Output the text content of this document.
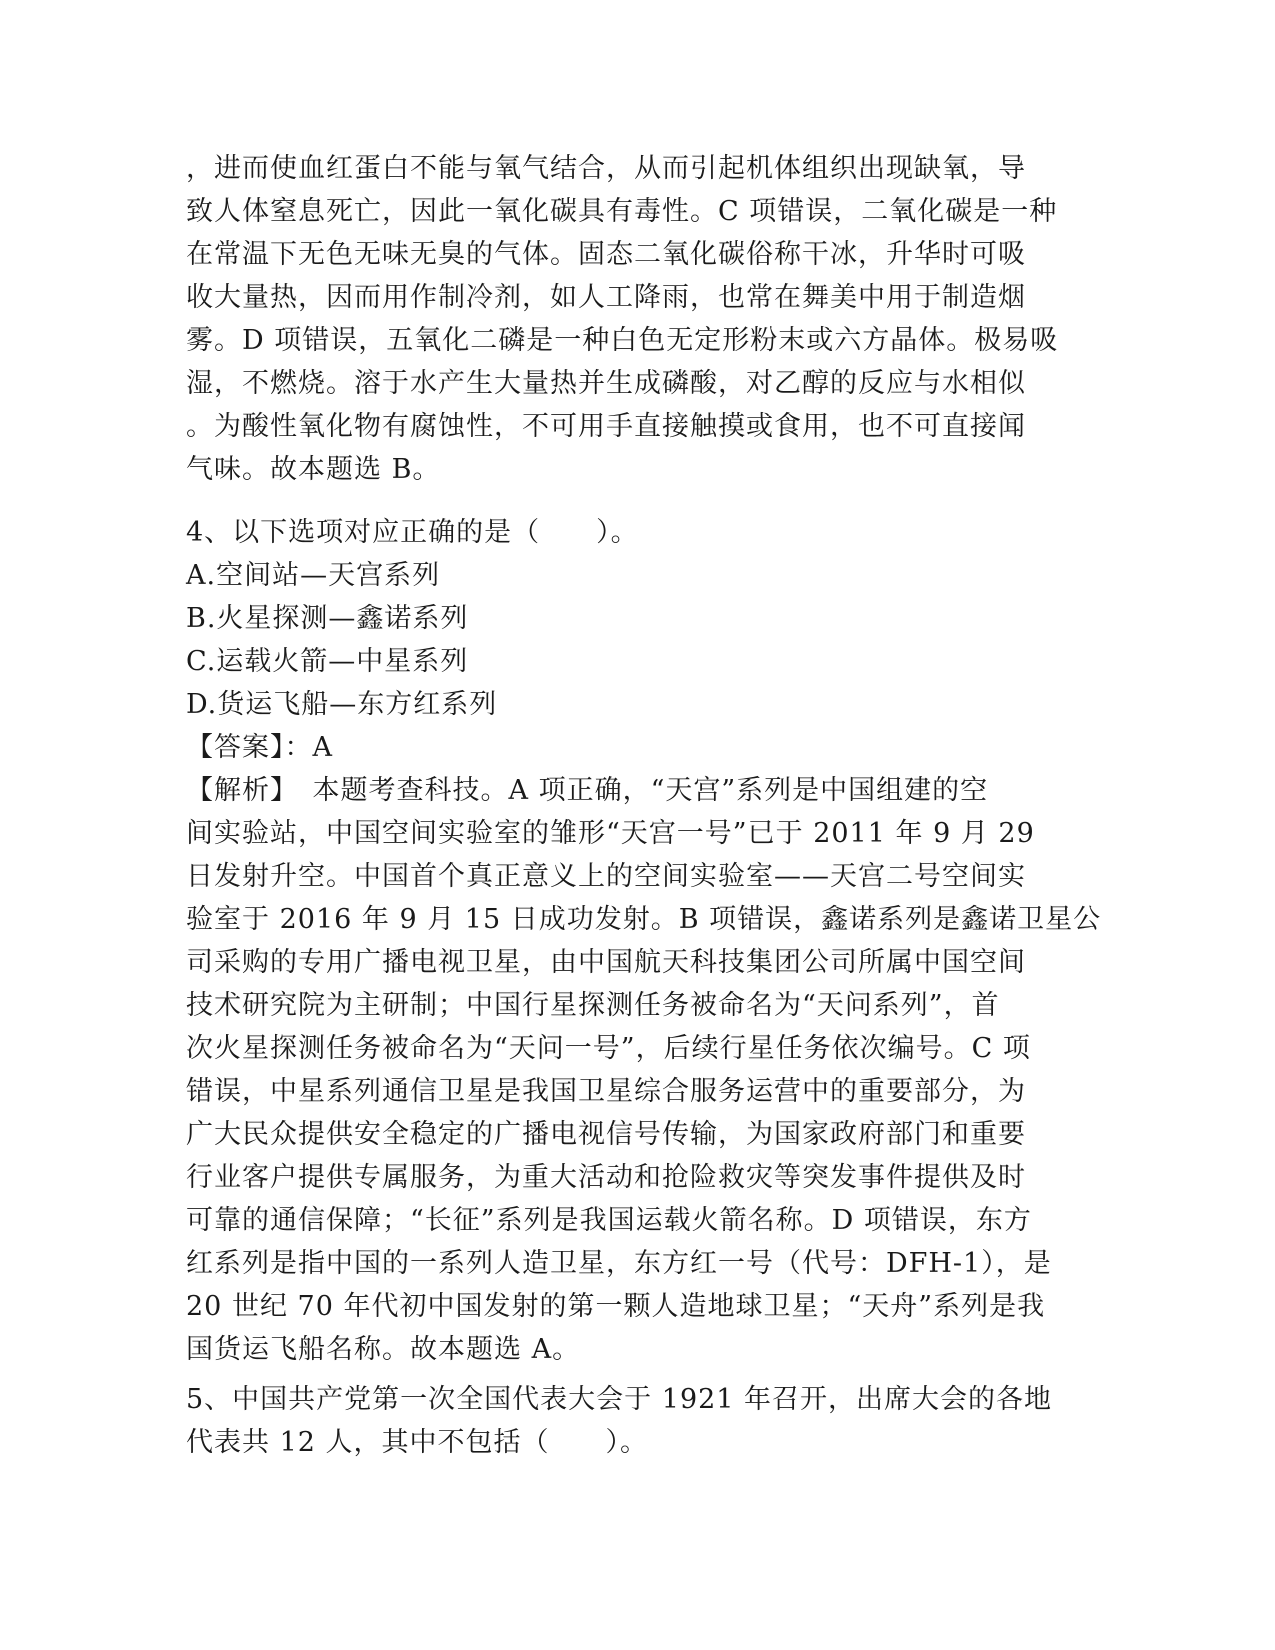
，进而使血红蛋白不能与氧气结合，从而引起机体组织出现缺氧，导
致人体窒息死亡，因此一氧化碳具有毒性。C 项错误，二氧化碳是一种
在常温下无色无味无臭的气体。固态二氧化碳俗称干冰，升华时可吸
收大量热，因而用作制冷剂，如人工降雨，也常在舞美中用于制造烟
雾。D 项错误，五氧化二磷是一种白色无定形粉末或六方晶体。极易吸
湿，不燃烧。溶于水产生大量热并生成磷酸，对乙醇的反应与水相似
。为酸性氧化物有腐蚀性，不可用手直接触摸或食用，也不可直接闻
气味。故本题选 B。
4、以下选项对应正确的是（　　）。
A.空间站—天宫系列
B.火星探测—鑫诺系列
C.运载火箭—中星系列
D.货运飞船—东方红系列
【答案】：A
【解析】　本题考查科技。A 项正确，“天宫”系列是中国组建的空
间实验站，中国空间实验室的雏形“天宫一号”已于 2011 年 9 月 29
日发射升空。中国首个真正意义上的空间实验室——天宫二号空间实
验室于 2016 年 9 月 15 日成功发射。B 项错误，鑫诺系列是鑫诺卫星公
司采购的专用广播电视卫星，由中国航天科技集团公司所属中国空间
技术研究院为主研制；中国行星探测任务被命名为“天问系列”，首
次火星探测任务被命名为“天问一号”，后续行星任务依次编号。C 项
错误，中星系列通信卫星是我国卫星综合服务运营中的重要部分，为
广大民众提供安全稳定的广播电视信号传输，为国家政府部门和重要
行业客户提供专属服务，为重大活动和抢险救灾等突发事件提供及时
可靠的通信保障；“长征”系列是我国运载火箭名称。D 项错误，东方
红系列是指中国的一系列人造卫星，东方红一号（代号：DFH-1），是
20 世纪 70 年代初中国发射的第一颗人造地球卫星；“天舟”系列是我
国货运飞船名称。故本题选 A。
5、中国共产党第一次全国代表大会于 1921 年召开，出席大会的各地
代表共 12 人，其中不包括（　　）。
